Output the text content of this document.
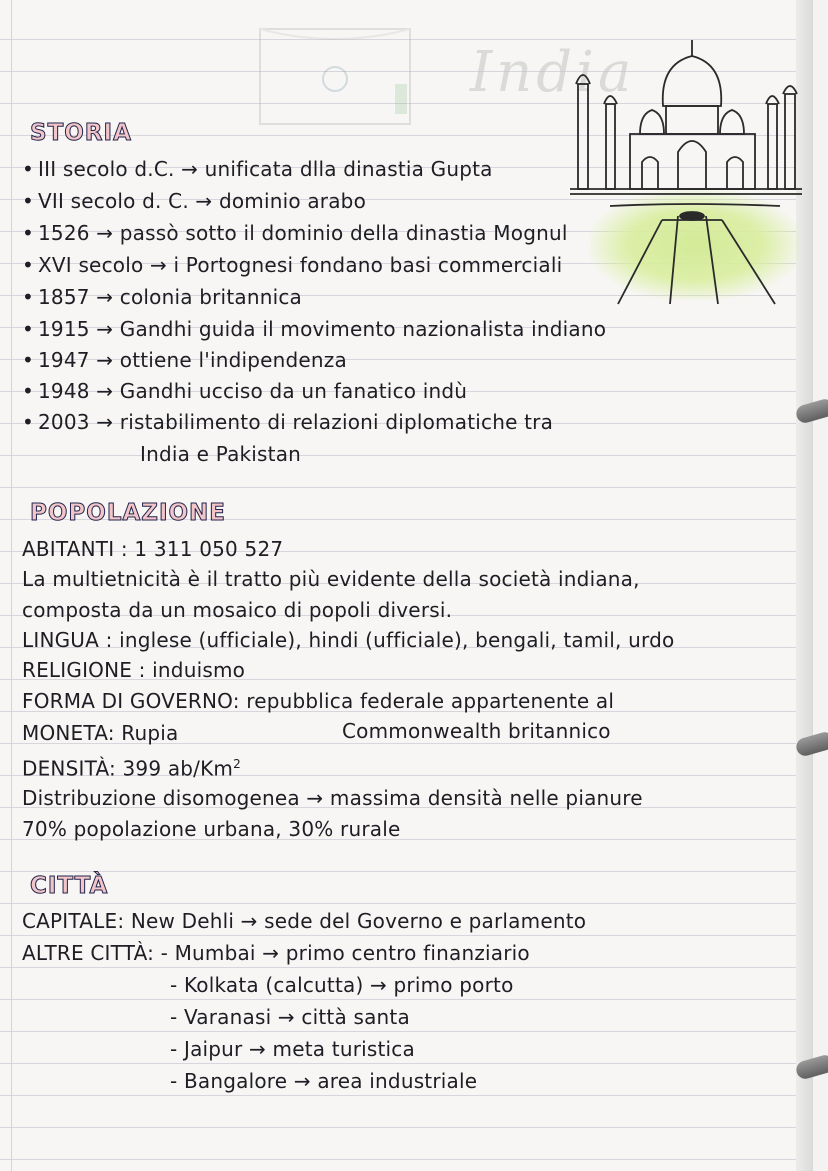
India
STORIA
• III secolo d.C. → unificata dlla dinastia Gupta
• VII secolo d. C. → dominio arabo
• 1526 → passò sotto il dominio della dinastia Mognul
• XVI secolo → i Portognesi fondano basi commerciali
• 1857 → colonia britannica
• 1915 → Gandhi guida il movimento nazionalista indiano
• 1947 → ottiene l'indipendenza
• 1948 → Gandhi ucciso da un fanatico indù
• 2003 → ristabilimento di relazioni diplomatiche tra
India e Pakistan
POPOLAZIONE
ABITANTI : 1 311 050 527
La multietnicità è il tratto più evidente della società indiana,
composta da un mosaico di popoli diversi.
LINGUA : inglese (ufficiale), hindi (ufficiale), bengali, tamil, urdo
RELIGIONE : induismo
FORMA DI GOVERNO: repubblica federale appartenente al
MONETA: Rupia	Commonwealth britannico
DENSITÀ: 399 ab/Km$^2$
Distribuzione disomogenea → massima densità nelle pianure
70% popolazione urbana, 30% rurale
CITTÀ
CAPITALE: New Dehli → sede del Governo e parlamento
ALTRE CITTÀ: - Mumbai → primo centro finanziario
- Kolkata (calcutta) → primo porto
- Varanasi → città santa
- Jaipur → meta turistica
- Bangalore → area industriale
